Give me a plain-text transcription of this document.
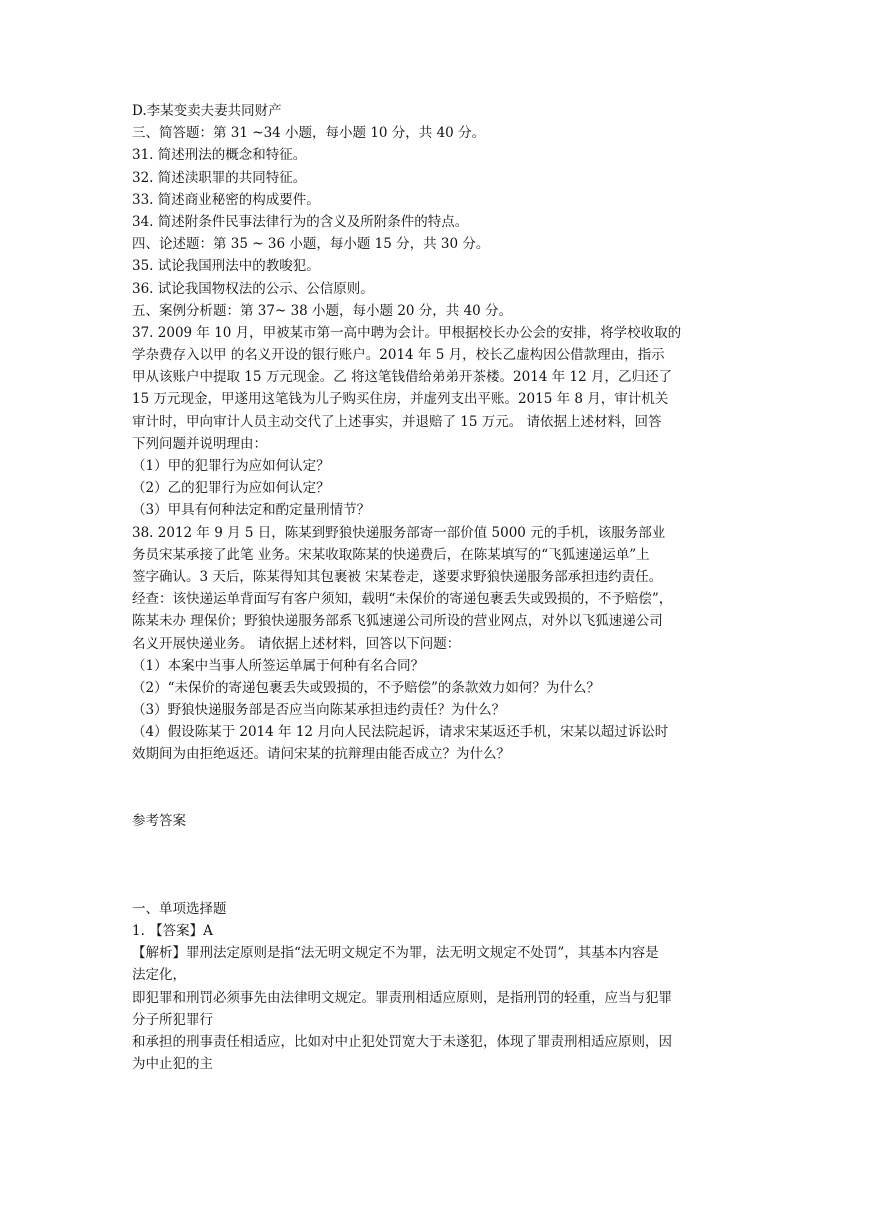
D.李某变卖夫妻共同财产
三、简答题：第 31 ~34 小题，每小题 10 分，共 40 分。
31. 简述刑法的概念和特征。
32. 简述渎职罪的共同特征。
33. 简述商业秘密的构成要件。
34. 简述附条件民事法律行为的含义及所附条件的特点。
四、论述题：第 35 ~ 36 小题，每小题 15 分，共 30 分。
35. 试论我国刑法中的教唆犯。
36. 试论我国物权法的公示、公信原则。
五、案例分析题：第 37~ 38 小题，每小题 20 分，共 40 分。
37. 2009 年 10 月，甲被某市第一高中聘为会计。甲根据校长办公会的安排，将学校收取的
学杂费存入以甲 的名义开设的银行账户。2014 年 5 月，校长乙虚构因公借款理由，指示
甲从该账户中提取 15 万元现金。乙 将这笔钱借给弟弟开茶楼。2014 年 12 月，乙归还了
15 万元现金，甲遂用这笔钱为儿子购买住房，并虚列支出平账。2015 年 8 月，审计机关
审计时，甲向审计人员主动交代了上述事实，并退赔了 15 万元。 请依据上述材料，回答
下列问题并说明理由：
（1）甲的犯罪行为应如何认定？
（2）乙的犯罪行为应如何认定？
（3）甲具有何种法定和酌定量刑情节？
38. 2012 年 9 月 5 日，陈某到野狼快递服务部寄一部价值 5000 元的手机，该服务部业
务员宋某承接了此笔 业务。宋某收取陈某的快递费后，在陈某填写的“飞狐速递运单”上
签字确认。3 天后，陈某得知其包裹被 宋某卷走，遂要求野狼快递服务部承担违约责任。
经查：该快递运单背面写有客户须知，载明“未保价的寄递包裹丢失或毁损的，不予赔偿”，
陈某未办 理保价；野狼快递服务部系飞狐速递公司所设的营业网点，对外以飞狐速递公司
名义开展快递业务。 请依据上述材料，回答以下问题：
（1）本案中当事人所签运单属于何种有名合同？
（2）“未保价的寄递包裹丢失或毁损的，不予赔偿”的条款效力如何？为什么？
（3）野狼快递服务部是否应当向陈某承担违约责任？为什么？
（4）假设陈某于 2014 年 12 月向人民法院起诉，请求宋某返还手机，宋某以超过诉讼时
效期间为由拒绝返还。请问宋某的抗辩理由能否成立？为什么？
参考答案
一、单项选择题
1. 【答案】A
【解析】罪刑法定原则是指“法无明文规定不为罪，法无明文规定不处罚”，其基本内容是
法定化，
即犯罪和刑罚必须事先由法律明文规定。罪责刑相适应原则，是指刑罚的轻重，应当与犯罪
分子所犯罪行
和承担的刑事责任相适应，比如对中止犯处罚宽大于未遂犯，体现了罪责刑相适应原则，因
为中止犯的主
